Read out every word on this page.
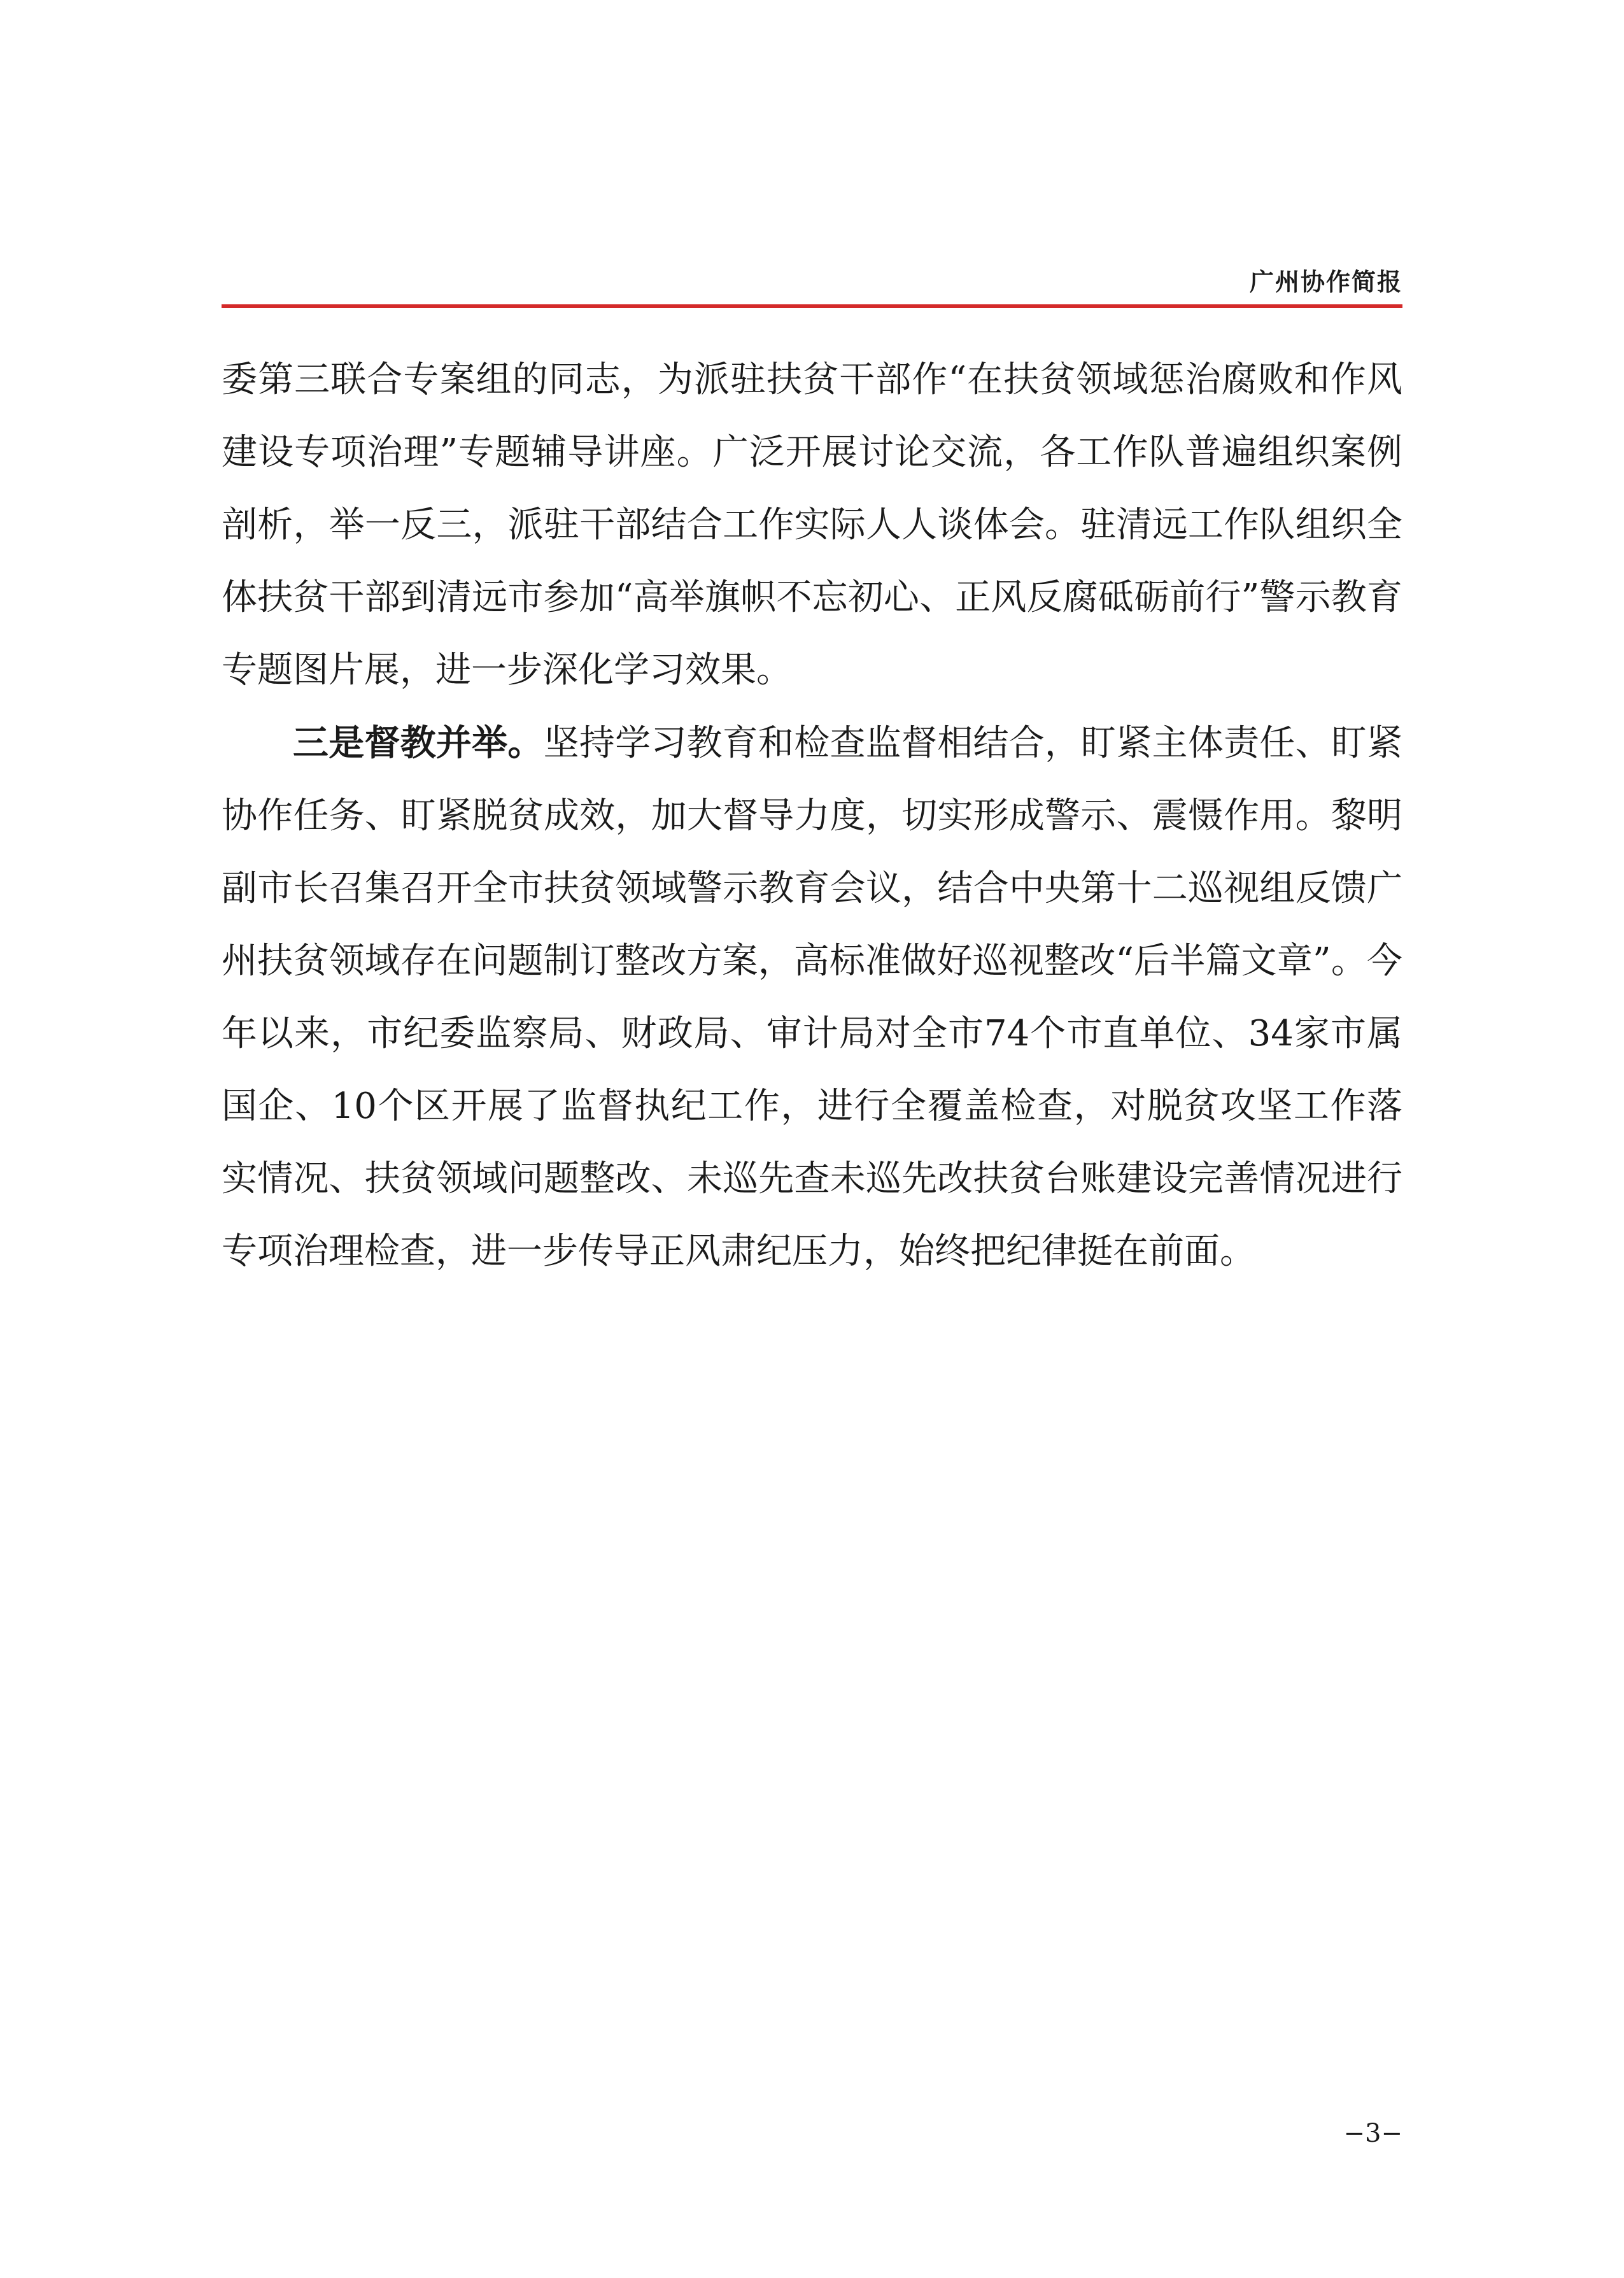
广州协作简报

委第三联合专案组的同志，为派驻扶贫干部作“在扶贫领域惩治腐败和作风建设专项治理”专题辅导讲座。广泛开展讨论交流，各工作队普遍组织案例剖析，举一反三，派驻干部结合工作实际人人谈体会。驻清远工作队组织全体扶贫干部到清远市参加“高举旗帜不忘初心、正风反腐砥砺前行”警示教育专题图片展，进一步深化学习效果。

三是督教并举。坚持学习教育和检查监督相结合，盯紧主体责任、盯紧协作任务、盯紧脱贫成效，加大督导力度，切实形成警示、震慑作用。黎明副市长召集召开全市扶贫领域警示教育会议，结合中央第十二巡视组反馈广州扶贫领域存在问题制订整改方案，高标准做好巡视整改“后半篇文章”。今年以来，市纪委监察局、财政局、审计局对全市74个市直单位、34家市属国企、10个区开展了监督执纪工作，进行全覆盖检查，对脱贫攻坚工作落实情况、扶贫领域问题整改、未巡先查未巡先改扶贫台账建设完善情况进行专项治理检查，进一步传导正风肃纪压力，始终把纪律挺在前面。

−3−
